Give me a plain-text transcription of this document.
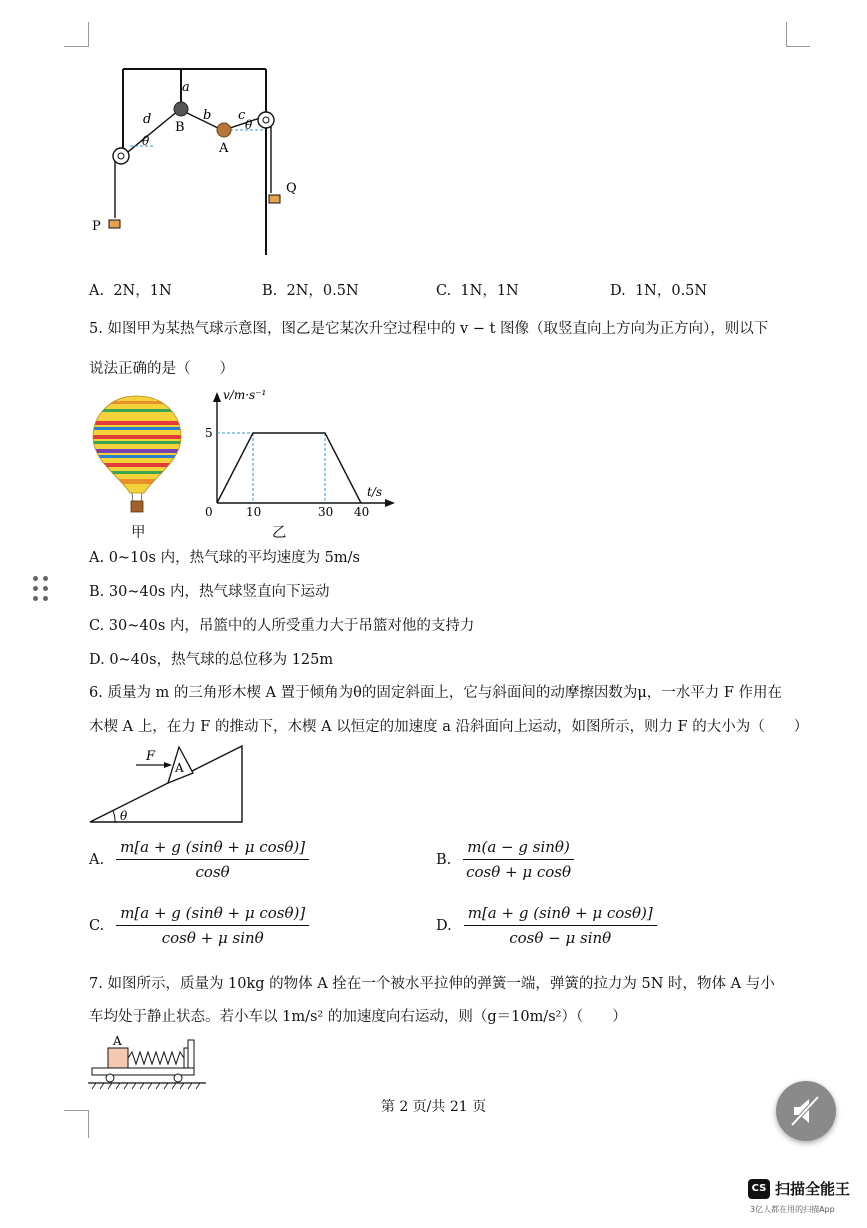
a
d	b c
θ
θ
B
A
P
Q
A. 2N，1N	B. 2N，0.5N	C. 1N，1N	D. 1N，0.5N
5. 如图甲为某热气球示意图，图乙是它某次升空过程中的 v − t 图像（取竖直向上方向为正方向），则以下
说法正确的是（　　）
甲
v/m·s⁻¹
t/s
0	10	30 40
5
乙
A. 0~10s 内，热气球的平均速度为 5m/s
B. 30~40s 内，热气球竖直向下运动
C. 30~40s 内，吊篮中的人所受重力大于吊篮对他的支持力
D. 0~40s，热气球的总位移为 125m
6. 质量为 m 的三角形木楔 A 置于倾角为θ的固定斜面上，它与斜面间的动摩擦因数为μ，一水平力 F 作用在
木楔 A 上，在力 F 的推动下，木楔 A 以恒定的加速度 a 沿斜面向上运动，如图所示，则力 F 的大小为（　　）
F
A
θ
A. $\frac{\text{m[a + g (sinθ + μ cosθ)]}}{\cos\theta}$	B. $\frac{\text{m(a − g sinθ)}}{\text{cosθ + μ cosθ}}$
C. $\frac{\text{m[a + g (sinθ + μ cosθ)]}}{\text{cosθ + μ sinθ}}$	D. $\frac{\text{m[a + g (sinθ + μ cosθ)]}}{\text{cosθ − μ sinθ}}$
7. 如图所示，质量为 10kg 的物体 A 拴在一个被水平拉伸的弹簧一端，弹簧的拉力为 5N 时，物体 A 与小
车均处于静止状态。若小车以 1m/s² 的加速度向右运动，则（g＝10m/s²）（　　）
A
第 2 页/共 21 页
CS 扫描全能王
3亿人都在用的扫描App
